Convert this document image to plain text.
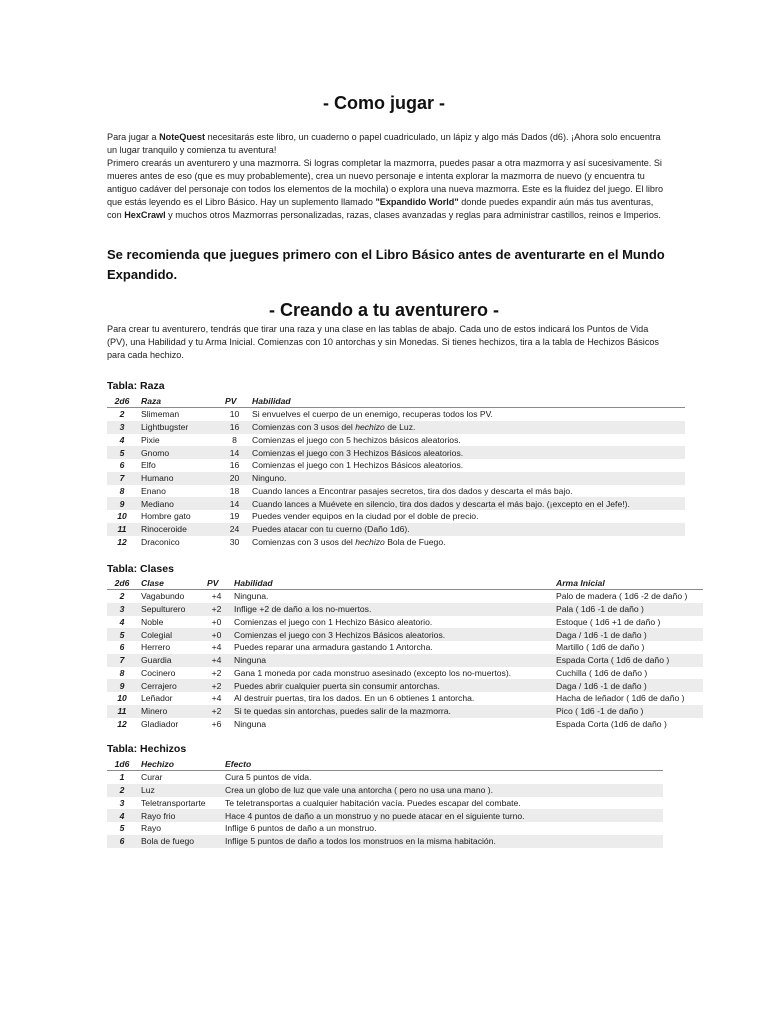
- Como jugar -

Para jugar a NoteQuest necesitarás este libro, un cuaderno o papel cuadriculado, un lápiz y algo más Dados (d6). ¡Ahora solo encuentra un lugar tranquilo y comienza tu aventura!

Primero crearás un aventurero y una mazmorra. Si logras completar la mazmorra, puedes pasar a otra mazmorra y así sucesivamente. Si mueres antes de eso (que es muy probablemente), crea un nuevo personaje e intenta explorar la mazmorra de nuevo (y encuentra tu antiguo cadáver del personaje con todos los elementos de la mochila) o explora una nueva mazmorra. Este es la fluidez del juego. El libro que estás leyendo es el Libro Básico. Hay un suplemento llamado "Expandido World" donde puedes expandir aún más tus aventuras, con HexCrawl y muchos otros Mazmorras personalizadas, razas, clases avanzadas y reglas para administrar castillos, reinos e Imperios.

Se recomienda que juegues primero con el Libro Básico antes de aventurarte en el Mundo Expandido.
- Creando a tu aventurero -
Para crear tu aventurero, tendrás que tirar una raza y una clase en las tablas de abajo. Cada uno de estos indicará los Puntos de Vida (PV), una Habilidad y tu Arma Inicial. Comienzas con 10 antorchas y sin Monedas. Si tienes hechizos, tira a la tabla de Hechizos Básicos para cada hechizo.
Tabla: Raza
2d6	Raza	PV	Habilidad
2	Slimeman	10	Si envuelves el cuerpo de un enemigo, recuperas todos los PV.
3	Lightbugster	16	Comienzas con 3 usos del hechizo de Luz.
4	Pixie	8	Comienzas el juego con 5 hechizos básicos aleatorios.
5	Gnomo	14	Comienzas el juego con 3 Hechizos Básicos aleatorios.
6	Elfo	16	Comienzas el juego con 1 Hechizos Básicos aleatorios.
7	Humano	20	Ninguno.
8	Enano	18	Cuando lances a Encontrar pasajes secretos, tira dos dados y descarta el más bajo.
9	Mediano	14	Cuando lances a Muévete en silencio, tira dos dados y descarta el más bajo. (¡excepto en el Jefe!).
10	Hombre gato	19	Puedes vender equipos en la ciudad por el doble de precio.
11	Rinoceroide	24	Puedes atacar con tu cuerno (Daño 1d6).
12	Draconico	30	Comienzas con 3 usos del hechizo Bola de Fuego.
Tabla: Clases
2d6	Clase	PV	Habilidad	Arma Inicial
2	Vagabundo	+4	Ninguna.	Palo de madera ( 1d6 -2 de daño )
3	Sepulturero	+2	Inflige +2 de daño a los no-muertos.	Pala ( 1d6 -1 de daño )
4	Noble	+0	Comienzas el juego con 1 Hechizo Básico aleatorio.	Estoque ( 1d6 +1 de daño )
5	Colegial	+0	Comienzas el juego con 3 Hechizos Básicos aleatorios.	Daga / 1d6 -1 de daño )
6	Herrero	+4	Puedes reparar una armadura gastando 1 Antorcha.	Martillo ( 1d6 de daño )
7	Guardia	+4	Ninguna	Espada Corta ( 1d6 de daño )
8	Cocinero	+2	Gana 1 moneda por cada monstruo asesinado (excepto los no-muertos).	Cuchilla ( 1d6 de daño )
9	Cerrajero	+2	Puedes abrir cualquier puerta sin consumir antorchas.	Daga / 1d6 -1 de daño )
10	Leñador	+4	Al destruir puertas, tira los dados. En un 6 obtienes 1 antorcha.	Hacha de leñador ( 1d6 de daño )
11	Minero	+2	Si te quedas sin antorchas, puedes salir de la mazmorra.	Pico ( 1d6 -1 de daño )
12	Gladiador	+6	Ninguna	Espada Corta (1d6 de daño )
Tabla: Hechizos
1d6	Hechizo	Efecto
1	Curar	Cura 5 puntos de vida.
2	Luz	Crea un globo de luz que vale una antorcha ( pero no usa una mano ).
3	Teletransportarte	Te teletransportas a cualquier habitación vacía. Puedes escapar del combate.
4	Rayo frio	Hace 4 puntos de daño a un monstruo y no puede atacar en el siguiente turno.
5	Rayo	Inflige 6 puntos de daño a un monstruo.
6	Bola de fuego	Inflige 5 puntos de daño a todos los monstruos en la misma habitación.
